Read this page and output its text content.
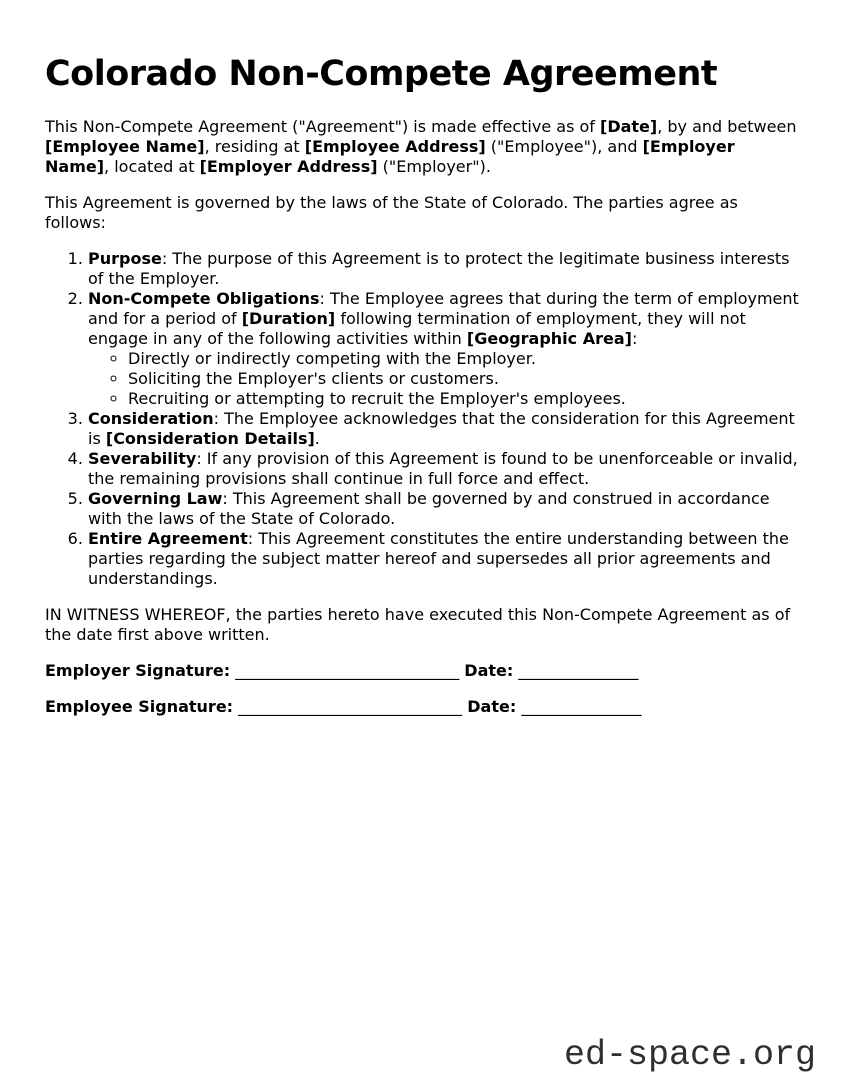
Colorado Non-Compete Agreement

This Non-Compete Agreement ("Agreement") is made effective as of [Date], by and between [Employee Name], residing at [Employee Address] ("Employee"), and [Employer Name], located at [Employer Address] ("Employer").

This Agreement is governed by the laws of the State of Colorado. The parties agree as follows:

1. Purpose: The purpose of this Agreement is to protect the legitimate business interests of the Employer.
2. Non-Compete Obligations: The Employee agrees that during the term of employment and for a period of [Duration] following termination of employment, they will not engage in any of the following activities within [Geographic Area]:
◦ Directly or indirectly competing with the Employer.
◦ Soliciting the Employer's clients or customers.
◦ Recruiting or attempting to recruit the Employer's employees.
3. Consideration: The Employee acknowledges that the consideration for this Agreement is [Consideration Details].
4. Severability: If any provision of this Agreement is found to be unenforceable or invalid, the remaining provisions shall continue in full force and effect.
5. Governing Law: This Agreement shall be governed by and construed in accordance with the laws of the State of Colorado.
6. Entire Agreement: This Agreement constitutes the entire understanding between the parties regarding the subject matter hereof and supersedes all prior agreements and understandings.

IN WITNESS WHEREOF, the parties hereto have executed this Non-Compete Agreement as of the date first above written.

Employer Signature: ____________________________ Date: _______________

Employee Signature: ____________________________ Date: _______________

ed-space.org
